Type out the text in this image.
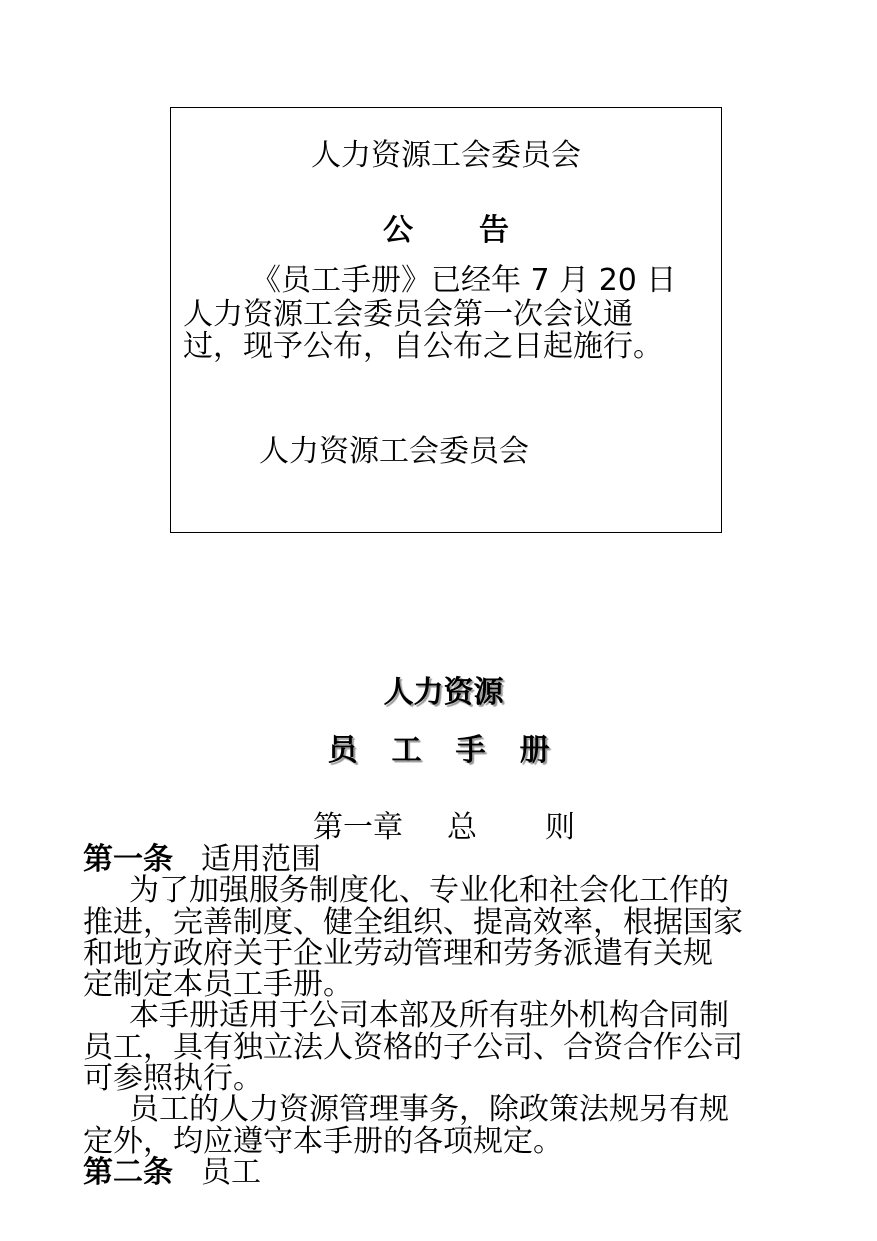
人力资源工会委员会
公 告
《员工手册》已经年 7 月 20 日
人力资源工会委员会第一次会议通
过，现予公布，自公布之日起施行。
人力资源工会委员会
人力资源
员 工 手 册
第一章 总 则
第一条 适用范围
为了加强服务制度化、专业化和社会化工作的
推进，完善制度、健全组织、提高效率，根据国家
和地方政府关于企业劳动管理和劳务派遣有关规
定制定本员工手册。
本手册适用于公司本部及所有驻外机构合同制
员工，具有独立法人资格的子公司、合资合作公司
可参照执行。
员工的人力资源管理事务，除政策法规另有规
定外，均应遵守本手册的各项规定。
第二条 员工
